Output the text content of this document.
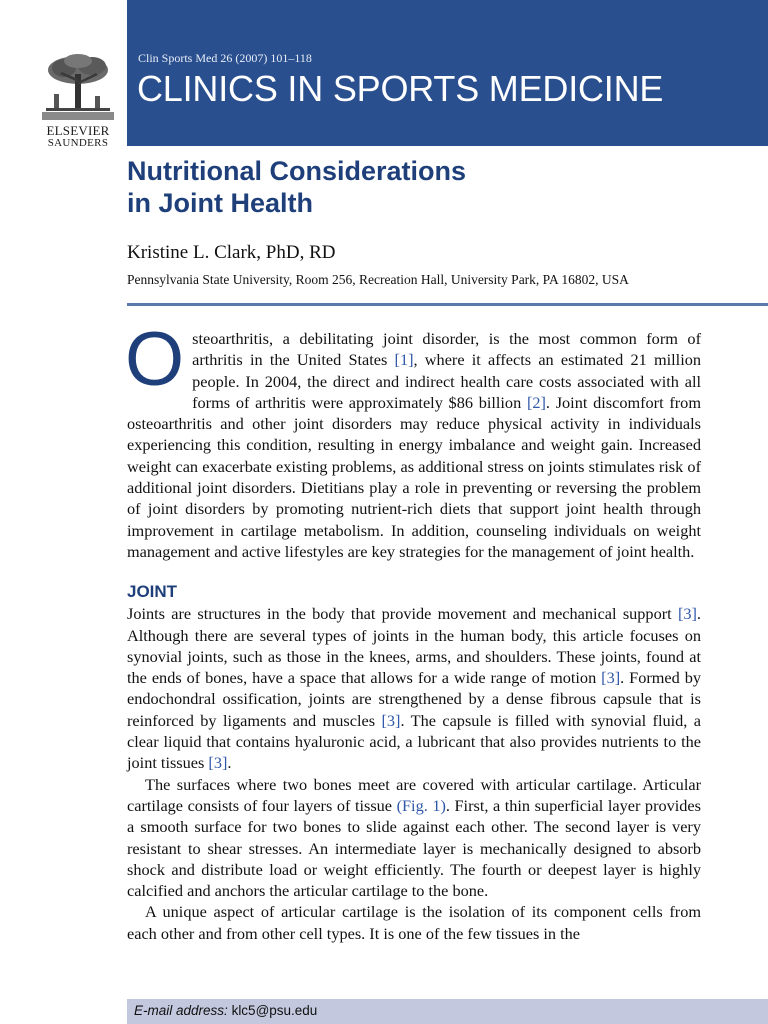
ELSEVIER
SAUNDERS
Clin Sports Med 26 (2007) 101–118
CLINICS IN SPORTS MEDICINE
Nutritional Considerations
in Joint Health
Kristine L. Clark, PhD, RD
Pennsylvania State University, Room 256, Recreation Hall, University Park, PA 16802, USA

Osteoarthritis, a debilitating joint disorder, is the most common form of arthritis in the United States [1], where it affects an estimated 21 million people. In 2004, the direct and indirect health care costs associated with all forms of arthritis were approximately $86 billion [2]. Joint discomfort from osteoarthritis and other joint disorders may reduce physical activity in individuals experiencing this condition, resulting in energy imbalance and weight gain. Increased weight can exacerbate existing problems, as additional stress on joints stimulates risk of additional joint disorders. Dietitians play a role in preventing or reversing the problem of joint disorders by promoting nutrient-rich diets that support joint health through improvement in cartilage metabolism. In addition, counseling individuals on weight management and active lifestyles are key strategies for the management of joint health.

JOINT

Joints are structures in the body that provide movement and mechanical support [3]. Although there are several types of joints in the human body, this article focuses on synovial joints, such as those in the knees, arms, and shoulders. These joints, found at the ends of bones, have a space that allows for a wide range of motion [3]. Formed by endochondral ossification, joints are strengthened by a dense fibrous capsule that is reinforced by ligaments and muscles [3]. The capsule is filled with synovial fluid, a clear liquid that contains hyaluronic acid, a lubricant that also provides nutrients to the joint tissues [3].

The surfaces where two bones meet are covered with articular cartilage. Articular cartilage consists of four layers of tissue (Fig. 1). First, a thin superficial layer provides a smooth surface for two bones to slide against each other. The second layer is very resistant to shear stresses. An intermediate layer is mechanically designed to absorb shock and distribute load or weight efficiently. The fourth or deepest layer is highly calcified and anchors the articular cartilage to the bone.

A unique aspect of articular cartilage is the isolation of its component cells from each other and from other cell types. It is one of the few tissues in the

E-mail address: klc5@psu.edu
